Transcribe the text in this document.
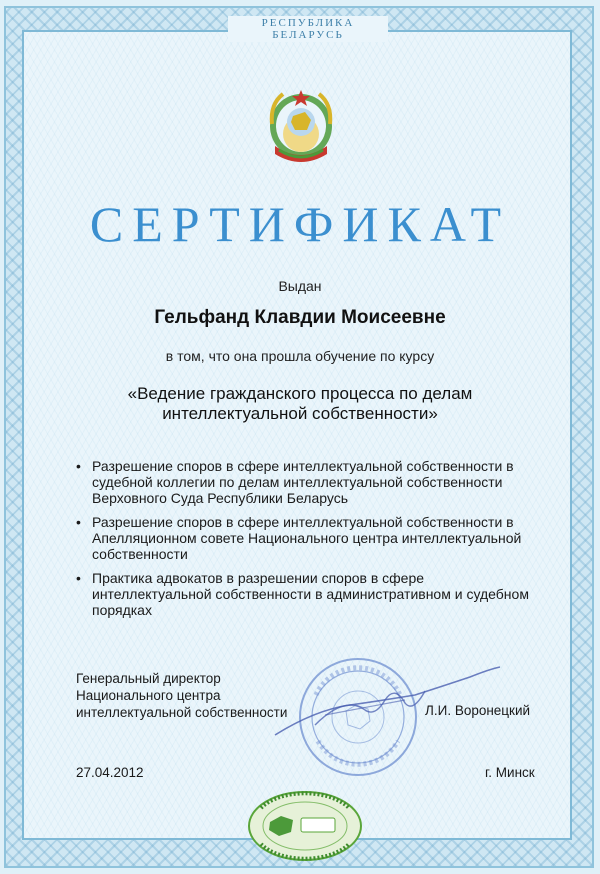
РЕСПУБЛИКА БЕЛАРУСЬ
СЕРТИФИКАТ
Выдан
Гельфанд Клавдии Моисеевне
в том, что она прошла обучение по курсу
«Ведение гражданского процесса по делам интеллектуальной собственности»
• Разрешение споров в сфере интеллектуальной собственности в судебной коллегии по делам интеллектуальной собственности Верховного Суда Республики Беларусь
• Разрешение споров в сфере интеллектуальной собственности в Апелляционном совете Национального центра интеллектуальной собственности
• Практика адвокатов в разрешении споров в сфере интеллектуальной собственности в административном и судебном порядках
Генеральный директор Национального центра интеллектуальной собственности	Л.И. Воронецкий
27.04.2012	г. Минск
